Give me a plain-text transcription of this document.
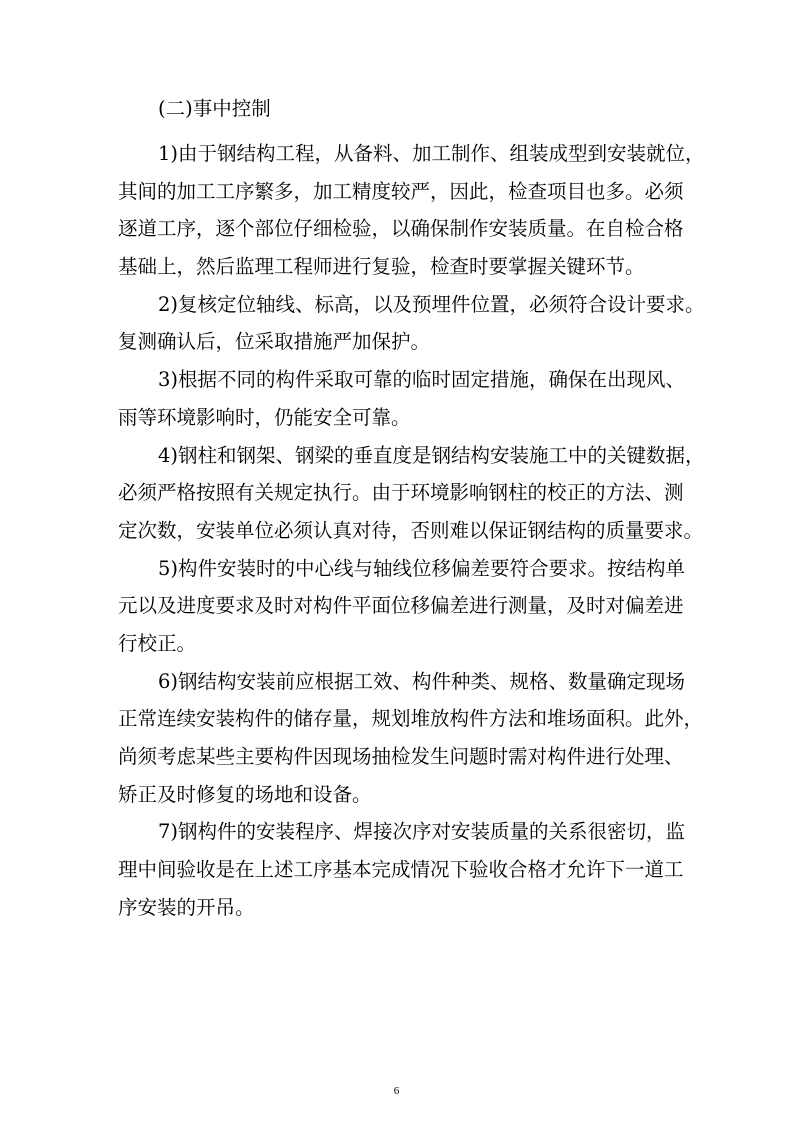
(二)事中控制

1)由于钢结构工程，从备料、加工制作、组装成型到安装就位，
其间的加工工序繁多，加工精度较严，因此，检查项目也多。必须
逐道工序，逐个部位仔细检验，以确保制作安装质量。在自检合格
基础上，然后监理工程师进行复验，检查时要掌握关键环节。

2)复核定位轴线、标高，以及预埋件位置，必须符合设计要求。
复测确认后，位采取措施严加保护。

3)根据不同的构件采取可靠的临时固定措施，确保在出现风、
雨等环境影响时，仍能安全可靠。

4)钢柱和钢架、钢梁的垂直度是钢结构安装施工中的关键数据，
必须严格按照有关规定执行。由于环境影响钢柱的校正的方法、测
定次数，安装单位必须认真对待，否则难以保证钢结构的质量要求。

5)构件安装时的中心线与轴线位移偏差要符合要求。按结构单
元以及进度要求及时对构件平面位移偏差进行测量，及时对偏差进
行校正。

6)钢结构安装前应根据工效、构件种类、规格、数量确定现场
正常连续安装构件的储存量，规划堆放构件方法和堆场面积。此外，
尚须考虑某些主要构件因现场抽检发生问题时需对构件进行处理、
矫正及时修复的场地和设备。

7)钢构件的安装程序、焊接次序对安装质量的关系很密切，监
理中间验收是在上述工序基本完成情况下验收合格才允许下一道工
序安装的开吊。

6
